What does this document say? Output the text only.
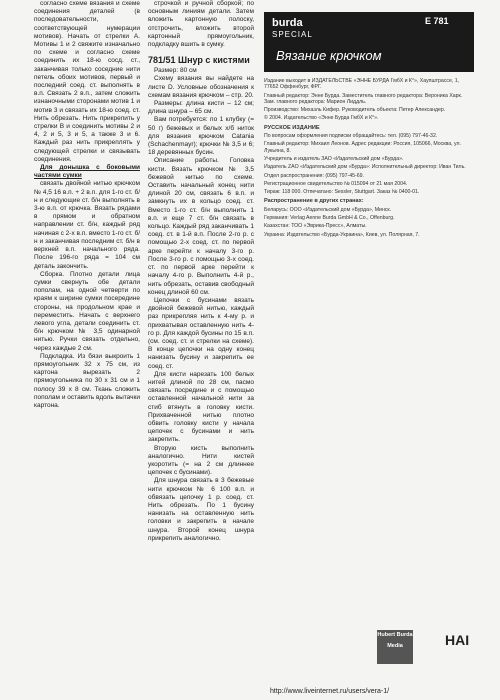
согласно схеме вязания и схеме соединения деталей (в последовательности, соответствующей нумерации мотивов). Начать от стрелки A. Мотивы 1 и 2 свяжите изначально по схеме и согласно схеме соединить их 18-ю сосд. ст., заканчивая только соседние нити петель обоих мотивов, первый и последний соед. ст. выполнять в в.п. Связать 2 в.п., затем сложить изнаночными сторонами мотив 1 и мотив 3 и связать их 18-ю соед. ст. Нить обрезать. Нить прикрепить у стрелки B и соединить мотивы 2 и 4, 2 и 5, 3 и 5, а также 3 и 6. Каждый раз нить прикреплять у следующей стрелки и связывать соединения.

Для донышка с боковыми частями сумки

связать двойной нитью крючком № 4,5 16 в.п. + 2 в.п. для 1-го ст. б/н и следующие ст. б/н выполнять в 3-ю в.п. от крючка. Вязать рядами в прямом и обратном направлении ст. б/н, каждый ряд начиная с 2-х в.п. вместо 1-го ст. б/н и заканчивая последним ст. б/н в верхней в.п. начального ряда. После 196-го ряда = 104 см деталь закончить.

Сборка. Плотно детали лица сумки свернуть обе детали пополам, на одной четверти по краям к ширине сумки посередине стороны, на продольном крае и переместить. Начать с верхнего левого угла, детали соединить ст. б/н крючком № 3,5 одинарной нитью. Ручки связать отдельно, через каждые 2 см.

Подкладка. Из бязи выкроить 1 прямоугольник 32 х 75 см, из картона вырезать 2 прямоугольника по 30 х 31 см и 1 полосу 39 х 8 см. Ткань сложить пополам и оставить вдоль вытачки картона.

строчкой и ручной сборкой; по основным линиям детали. Затем вложить картонную полоску, отстрочить, вложить второй картонный прямоугольник, подкладку вшить в сумку.

781/51 Шнур с кистями

Размер: 80 см

Схему вязания вы найдете на листе D. Условные обозначения к схемам вязания крючком – стр. 20.

Размеры: длина кисти – 12 см; длина шнура – 65 см.

Вам потребуется: по 1 клубку (= 50 г) бежевых и белых х/б ниток для вязания крючком Catania (Schachenmayr); крючки № 3,5 и 6; 18 деревянных бусин.

Описание работы. Головка кисти. Вязать крючком № 3,5 бежевой нитью по схеме. Оставить начальный конец нити длиной 20 см, связать 6 в.п. и замкнуть их в кольцо соед. ст. Вместо 1-го ст. б/н выполнить 1 в.п. и еще 7 ст. б/н связать в кольцо. Каждый ряд заканчивать 1 соед. ст. в 1-й в.п. После 2-го р. с помощью 2-х соед. ст. по первой арке перейти к началу 3-го р. После 3-го р. с помощью 3-х соед. ст. по первой арке перейти к началу 4-го р. Выполнить 4-й р., нить обрезать, оставив свободный конец длиной 60 см.

Цепочки с бусинами вязать двойной бежевой нитью, каждый раз прикрепляя нить к 4-му р. и прихватывая оставленную нить 4-го р. Для каждой бусины по 15 в.п. (см. соед. ст. и стрелки на схеме). В конце цепочки на одну конец нанизать бусину и закрепить ее соед. ст.

Для кисти нарезать 100 белых нитей длиной по 28 см, пасмо связать посредине и с помощью оставленной начальной нити за стиб втянуть в головку кисти. Прихваченной нитью плотно обвить головку кисти у начала цепочек с бусинами и нить закрепить.

Вторую кисть выполнить аналогично. Нити кистей укоротить (= на 2 см длиннее цепочек с бусинами).

Для шнура связать в 3 бежевые нити крючком № 6 100 в.п. и обвязать цепочку 1 р. соед. ст. Нить обрезать. По 1 бусину нанизать на оставленную нить головки и закрепить в начале шнура. Второй конец шнура прикрепить аналогично.

burda
SPECIAL
Вязание крючком
E 781

Издание выходит в ИЗДАТЕЛЬСТВЕ «ЭННЕ БУРДА ГмбХ и К°», Хаупштрассе, 1, 77652 Оффенбург, ФРГ.

Главный редактор: Энне Бурда. Заместитель главного редактора: Вероника Харк. Зам. главного редактора: Марион Лиддль.

Производство: Михаэль Кифер. Руководитель объекта: Петер Александер.

© 2004. Издательство «Энне Бурда ГмбХ и К°».

РУССКОЕ ИЗДАНИЕ

По вопросам оформления подписки обращайтесь: тел. (095) 797-46-32.

Главный редактор: Михаил Леонов. Адрес редакции: Россия, 105066, Москва, ул. Лукьяна, 8.

Учредитель и издатель ЗАО «Издательский дом «Бурда».

Издатель ZAO «Издательский дом «Бурда»: Исполнительный директор: Иван Тиль.

Отдел распространения: (095) 797-45-69.

Регистрационное свидетельство № 015094 от 21 мая 2004.

Тираж: 118 000. Отпечатано: Sessler, Stuttgart. Заказ № 0400-01.

Распространение в других странах:

Беларусь: ООО «Издательский дом «Бурда», Минск.

Германия: Verlag Aenne Burda GmbH & Co., Offenburg.

Казахстан: ТОО «Эврика-Пресс», Алматы.

Украина: Издательство «Бурда-Украина», Киев, ул. Полярная, 7.

Hubert Burda Media	HAI
http://www.liveinternet.ru/users/vera-1/
